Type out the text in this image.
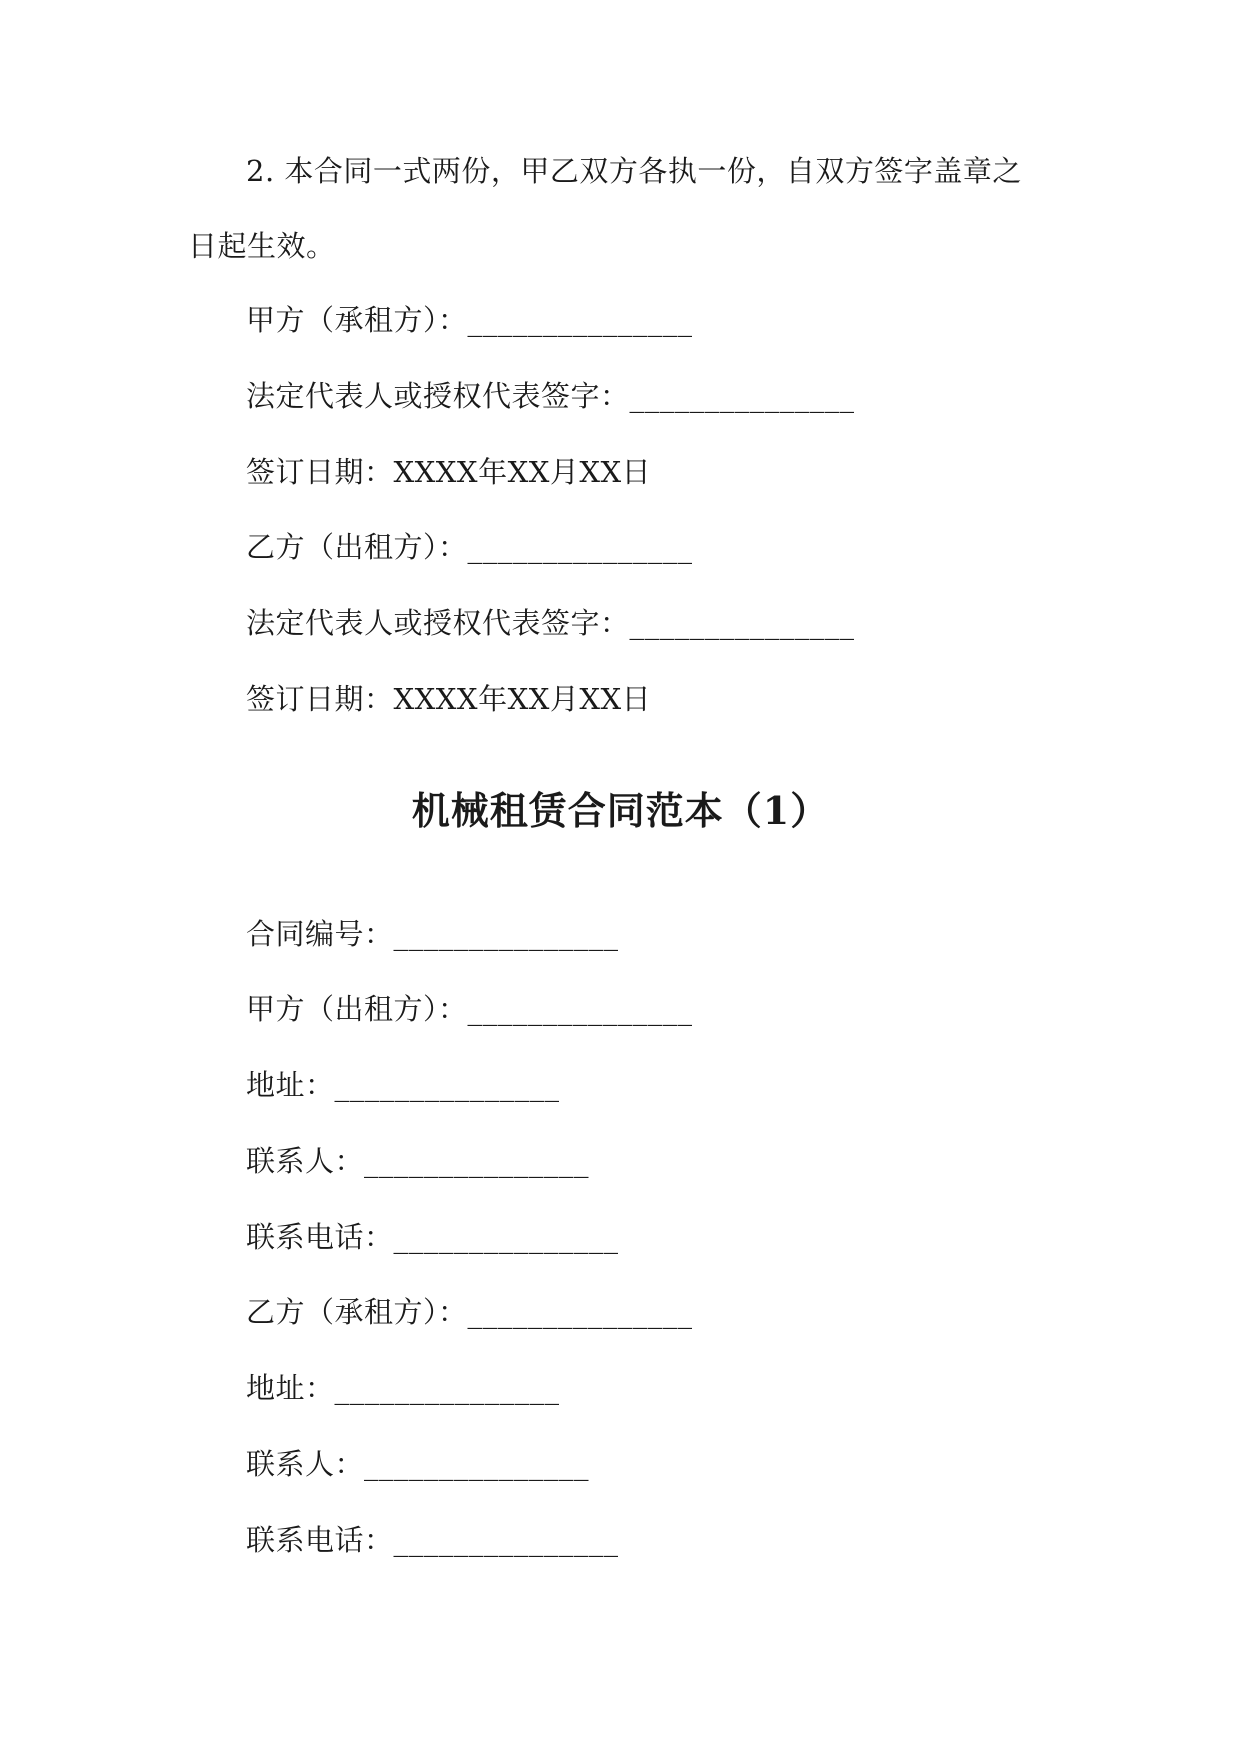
2. 本合同一式两份，甲乙双方各执一份，自双方签字盖章之日起生效。

甲方（承租方）：_______________

法定代表人或授权代表签字：_______________

签订日期：XXXX年XX月XX日

乙方（出租方）：_______________

法定代表人或授权代表签字：_______________

签订日期：XXXX年XX月XX日

机械租赁合同范本（1）

合同编号：_______________

甲方（出租方）：_______________

地址：_______________

联系人：_______________

联系电话：_______________

乙方（承租方）：_______________

地址：_______________

联系人：_______________

联系电话：_______________
